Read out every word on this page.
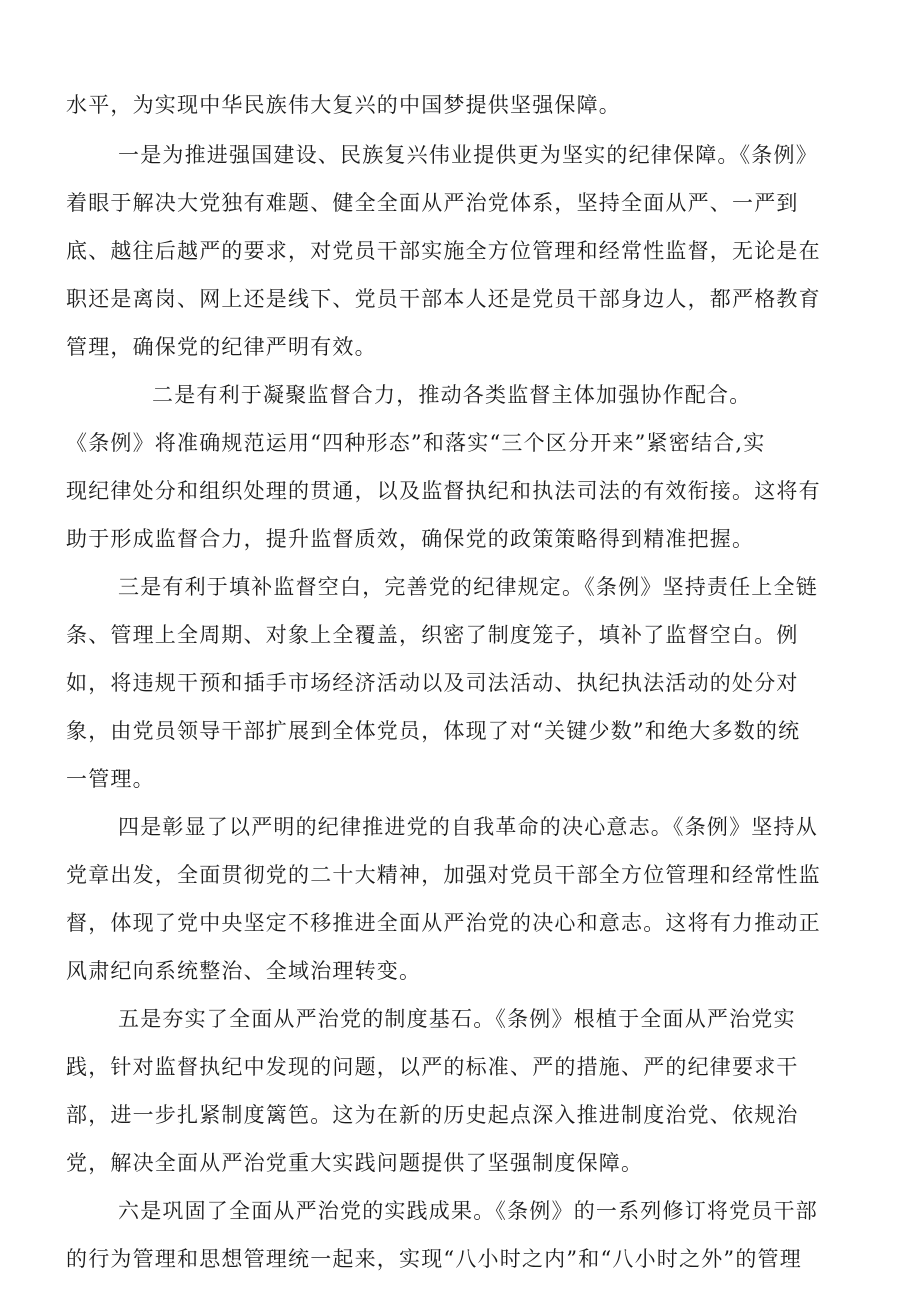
水平，为实现中华民族伟大复兴的中国梦提供坚强保障。
一是为推进强国建设、民族复兴伟业提供更为坚实的纪律保障。《条例》
着眼于解决大党独有难题、健全全面从严治党体系，坚持全面从严、一严到
底、越往后越严的要求，对党员干部实施全方位管理和经常性监督，无论是在
职还是离岗、网上还是线下、党员干部本人还是党员干部身边人，都严格教育
管理，确保党的纪律严明有效。
二是有利于凝聚监督合力，推动各类监督主体加强协作配合。
《条例》将准确规范运用“四种形态”和落实“三个区分开来”紧密结合,实
现纪律处分和组织处理的贯通，以及监督执纪和执法司法的有效衔接。这将有
助于形成监督合力，提升监督质效，确保党的政策策略得到精准把握。
三是有利于填补监督空白，完善党的纪律规定。《条例》坚持责任上全链
条、管理上全周期、对象上全覆盖，织密了制度笼子，填补了监督空白。例
如，将违规干预和插手市场经济活动以及司法活动、执纪执法活动的处分对
象，由党员领导干部扩展到全体党员，体现了对“关键少数”和绝大多数的统
一管理。
四是彰显了以严明的纪律推进党的自我革命的决心意志。《条例》坚持从
党章出发，全面贯彻党的二十大精神，加强对党员干部全方位管理和经常性监
督，体现了党中央坚定不移推进全面从严治党的决心和意志。这将有力推动正
风肃纪向系统整治、全域治理转变。
五是夯实了全面从严治党的制度基石。《条例》根植于全面从严治党实
践，针对监督执纪中发现的问题，以严的标准、严的措施、严的纪律要求干
部，进一步扎紧制度篱笆。这为在新的历史起点深入推进制度治党、依规治
党，解决全面从严治党重大实践问题提供了坚强制度保障。
六是巩固了全面从严治党的实践成果。《条例》的一系列修订将党员干部
的行为管理和思想管理统一起来，实现“八小时之内”和“八小时之外”的管理
